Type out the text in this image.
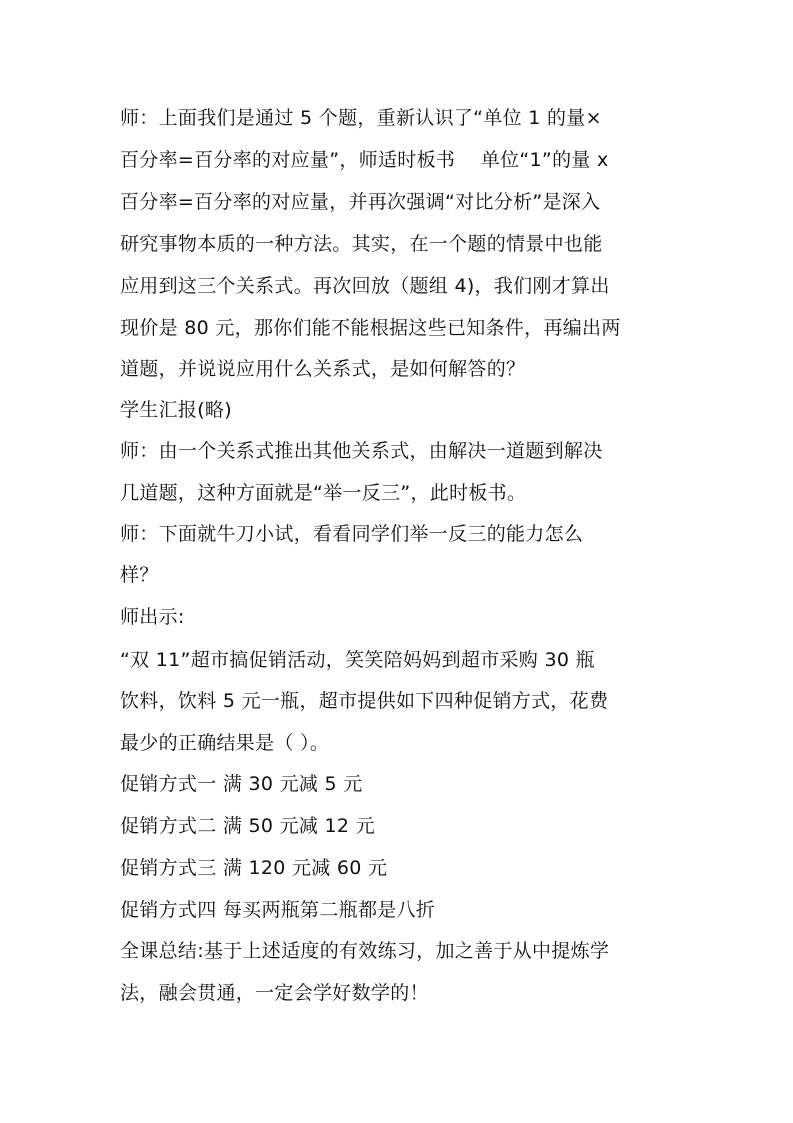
师：上面我们是通过 5 个题，重新认识了“单位 1 的量×
百分率=百分率的对应量”，师适时板书　 单位“1”的量 x
百分率=百分率的对应量，并再次强调“对比分析”是深入
研究事物本质的一种方法。其实，在一个题的情景中也能
应用到这三个关系式。再次回放（题组 4)，我们刚才算出
现价是 80 元，那你们能不能根据这些已知条件，再编出两
道题，并说说应用什么关系式，是如何解答的？
学生汇报(略)
师：由一个关系式推出其他关系式，由解决一道题到解决
几道题，这种方面就是“举一反三”，此时板书。
师：下面就牛刀小试，看看同学们举一反三的能力怎么
样？
师出示:
“双 11”超市搞促销活动，笑笑陪妈妈到超市采购 30 瓶
饮料，饮料 5 元一瓶，超市提供如下四种促销方式，花费
最少的正确结果是（ ）。
促销方式一 满 30 元减 5 元
促销方式二 满 50 元减 12 元
促销方式三 满 120 元减 60 元
促销方式四 每买两瓶第二瓶都是八折
全课总结:基于上述适度的有效练习，加之善于从中提炼学
法，融会贯通，一定会学好数学的！
